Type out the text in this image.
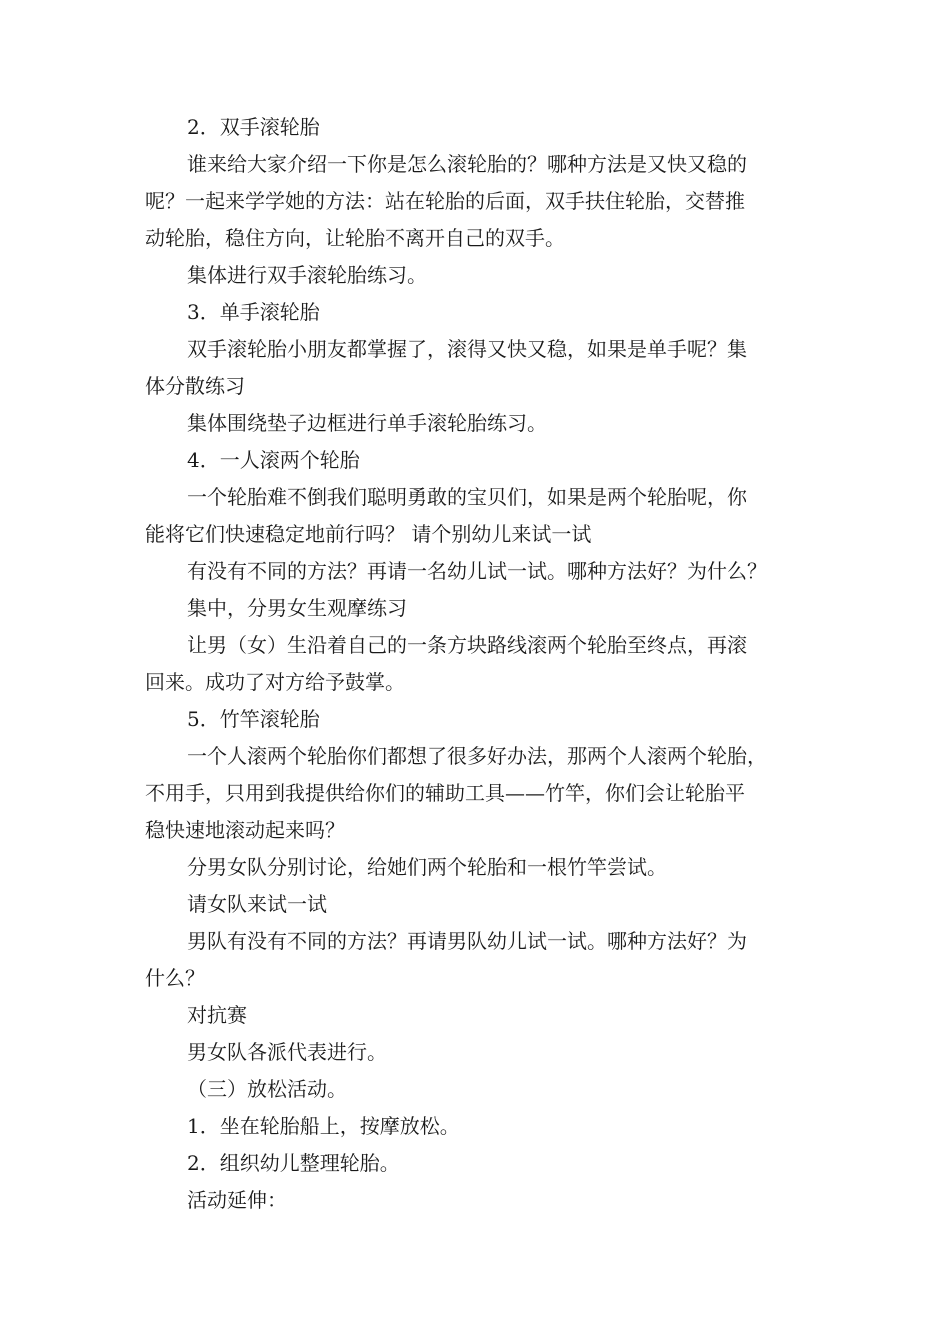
2．双手滚轮胎
谁来给大家介绍一下你是怎么滚轮胎的？哪种方法是又快又稳的
呢？一起来学学她的方法：站在轮胎的后面，双手扶住轮胎，交替推
动轮胎，稳住方向，让轮胎不离开自己的双手。
集体进行双手滚轮胎练习。
3．单手滚轮胎
双手滚轮胎小朋友都掌握了，滚得又快又稳，如果是单手呢？集
体分散练习
集体围绕垫子边框进行单手滚轮胎练习。
4．一人滚两个轮胎
一个轮胎难不倒我们聪明勇敢的宝贝们，如果是两个轮胎呢，你
能将它们快速稳定地前行吗？ 请个别幼儿来试一试
有没有不同的方法？再请一名幼儿试一试。哪种方法好？为什么？
集中，分男女生观摩练习
让男（女）生沿着自己的一条方块路线滚两个轮胎至终点，再滚
回来。成功了对方给予鼓掌。
5．竹竿滚轮胎
一个人滚两个轮胎你们都想了很多好办法，那两个人滚两个轮胎，
不用手，只用到我提供给你们的辅助工具——竹竿，你们会让轮胎平
稳快速地滚动起来吗？
分男女队分别讨论，给她们两个轮胎和一根竹竿尝试。
请女队来试一试
男队有没有不同的方法？再请男队幼儿试一试。哪种方法好？为
什么？
对抗赛
男女队各派代表进行。
（三）放松活动。
1．坐在轮胎船上，按摩放松。
2．组织幼儿整理轮胎。
活动延伸：
